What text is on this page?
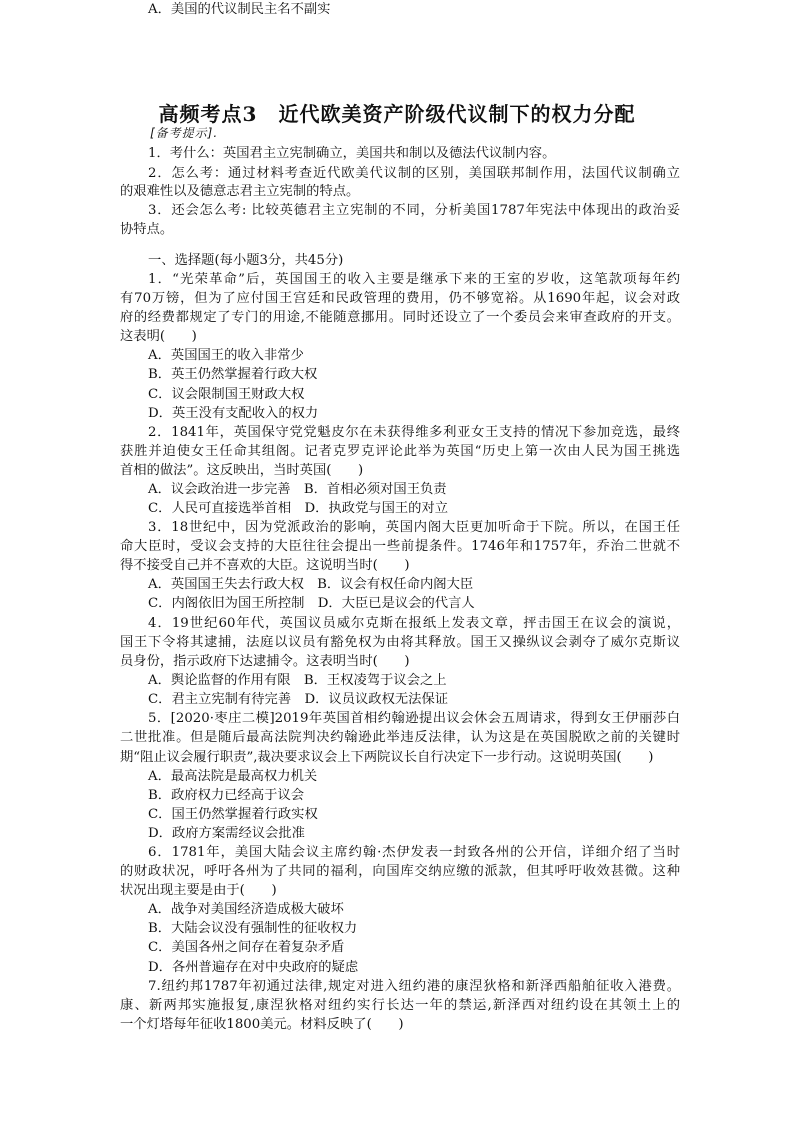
高频考点3　近代欧美资产阶级代议制下的权力分配
[备考提示].
1．考什么：英国君主立宪制确立，美国共和制以及德法代议制内容。
2．怎么考：通过材料考查近代欧美代议制的区别，美国联邦制作用，法国代议制确立
的艰难性以及德意志君主立宪制的特点。
3．还会怎么考: 比较英德君主立宪制的不同，分析美国1787年宪法中体现出的政治妥
协特点。
一、选择题(每小题3分，共45分)
1．“光荣革命”后，英国国王的收入主要是继承下来的王室的岁收，这笔款项每年约
有70万镑，但为了应付国王宫廷和民政管理的费用，仍不够宽裕。从1690年起，议会对政
府的经费都规定了专门的用途,不能随意挪用。同时还设立了一个委员会来审查政府的开支。
这表明(　　)
A．英国国王的收入非常少
B．英王仍然掌握着行政大权
C．议会限制国王财政大权
D．英王没有支配收入的权力
2．1841年，英国保守党党魁皮尔在未获得维多利亚女王支持的情况下参加竞选，最终
获胜并迫使女王任命其组阁。记者克罗克评论此举为英国“历史上第一次由人民为国王挑选
首相的做法”。这反映出，当时英国(　　)
A．议会政治进一步完善　B．首相必须对国王负责
C．人民可直接选举首相　D．执政党与国王的对立
3．18世纪中，因为党派政治的影响，英国内阁大臣更加听命于下院。所以，在国王任
命大臣时，受议会支持的大臣往往会提出一些前提条件。1746年和1757年，乔治二世就不
得不接受自己并不喜欢的大臣。这说明当时(　　)
A．英国国王失去行政大权　B．议会有权任命内阁大臣
C．内阁依旧为国王所控制　D．大臣已是议会的代言人
4．19世纪60年代，英国议员威尔克斯在报纸上发表文章，抨击国王在议会的演说，
国王下令将其逮捕，法庭以议员有豁免权为由将其释放。国王又操纵议会剥夺了威尔克斯议
员身份，指示政府下达逮捕令。这表明当时(　　)
A．舆论监督的作用有限　B．王权凌驾于议会之上
C．君主立宪制有待完善　D．议员议政权无法保证
5．[2020·枣庄二模]2019年英国首相约翰逊提出议会休会五周请求，得到女王伊丽莎白
二世批准。但是随后最高法院判决约翰逊此举违反法律，认为这是在英国脱欧之前的关键时
期“阻止议会履行职责”,裁决要求议会上下两院议长自行决定下一步行动。这说明英国(　　)
A．最高法院是最高权力机关
B．政府权力已经高于议会
C．国王仍然掌握着行政实权
D．政府方案需经议会批准
6．1781年，美国大陆会议主席约翰·杰伊发表一封致各州的公开信，详细介绍了当时
的财政状况，呼吁各州为了共同的福利，向国库交纳应缴的派款，但其呼吁收效甚微。这种
状况出现主要是由于(　　)
A．战争对美国经济造成极大破坏
B．大陆会议没有强制性的征收权力
C．美国各州之间存在着复杂矛盾
D．各州普遍存在对中央政府的疑虑
7.纽约邦1787年初通过法律,规定对进入纽约港的康涅狄格和新泽西船舶征收入港费。
康、新两邦实施报复,康涅狄格对纽约实行长达一年的禁运,新泽西对纽约设在其领土上的
一个灯塔每年征收1800美元。材料反映了(　　)
A．美国的代议制民主名不副实
